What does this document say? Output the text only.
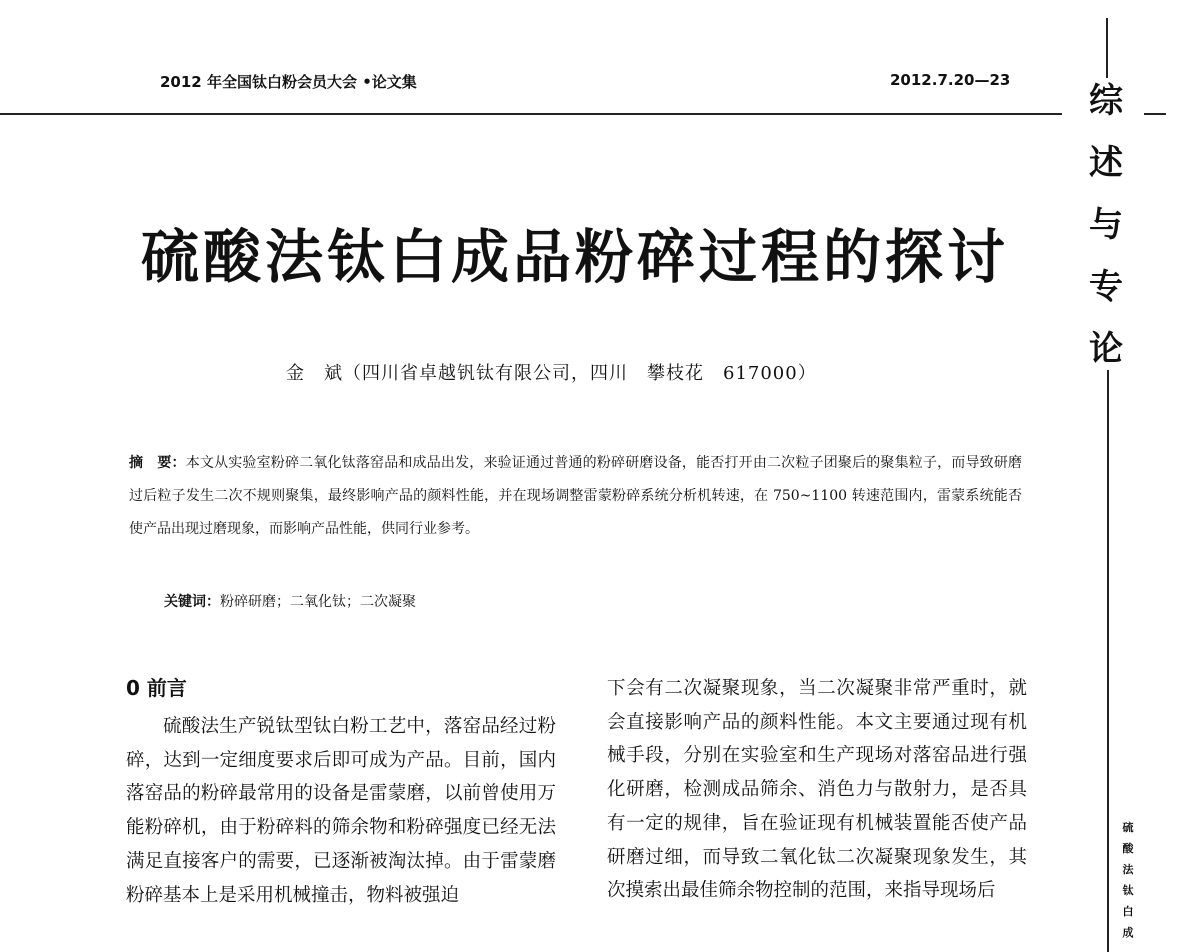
2012 年全国钛白粉会员大会 •论文集	2012.7.20—23
综
述
与
专
论
硫
酸
法
钛
白
成
硫酸法钛白成品粉碎过程的探讨
金　斌（四川省卓越钒钛有限公司，四川　攀枝花　617000）
摘　要：本文从实验室粉碎二氧化钛落窑品和成品出发，来验证通过普通的粉碎研磨设备，能否打开由二次粒子团聚后的聚集粒子，而导致研磨过后粒子发生二次不规则聚集，最终影响产品的颜料性能，并在现场调整雷蒙粉碎系统分析机转速，在 750~1100 转速范围内，雷蒙系统能否使产品出现过磨现象，而影响产品性能，供同行业参考。
关键词：粉碎研磨；二氧化钛；二次凝聚
0 前言

硫酸法生产锐钛型钛白粉工艺中，落窑品经过粉碎，达到一定细度要求后即可成为产品。目前，国内落窑品的粉碎最常用的设备是雷蒙磨，以前曾使用万能粉碎机，由于粉碎料的筛余物和粉碎强度已经无法满足直接客户的需要，已逐渐被淘汰掉。由于雷蒙磨粉碎基本上是采用机械撞击，物料被强迫

下会有二次凝聚现象，当二次凝聚非常严重时，就会直接影响产品的颜料性能。本文主要通过现有机械手段，分别在实验室和生产现场对落窑品进行强化研磨，检测成品筛余、消色力与散射力，是否具有一定的规律，旨在验证现有机械装置能否使产品研磨过细，而导致二氧化钛二次凝聚现象发生，其次摸索出最佳筛余物控制的范围，来指导现场后
